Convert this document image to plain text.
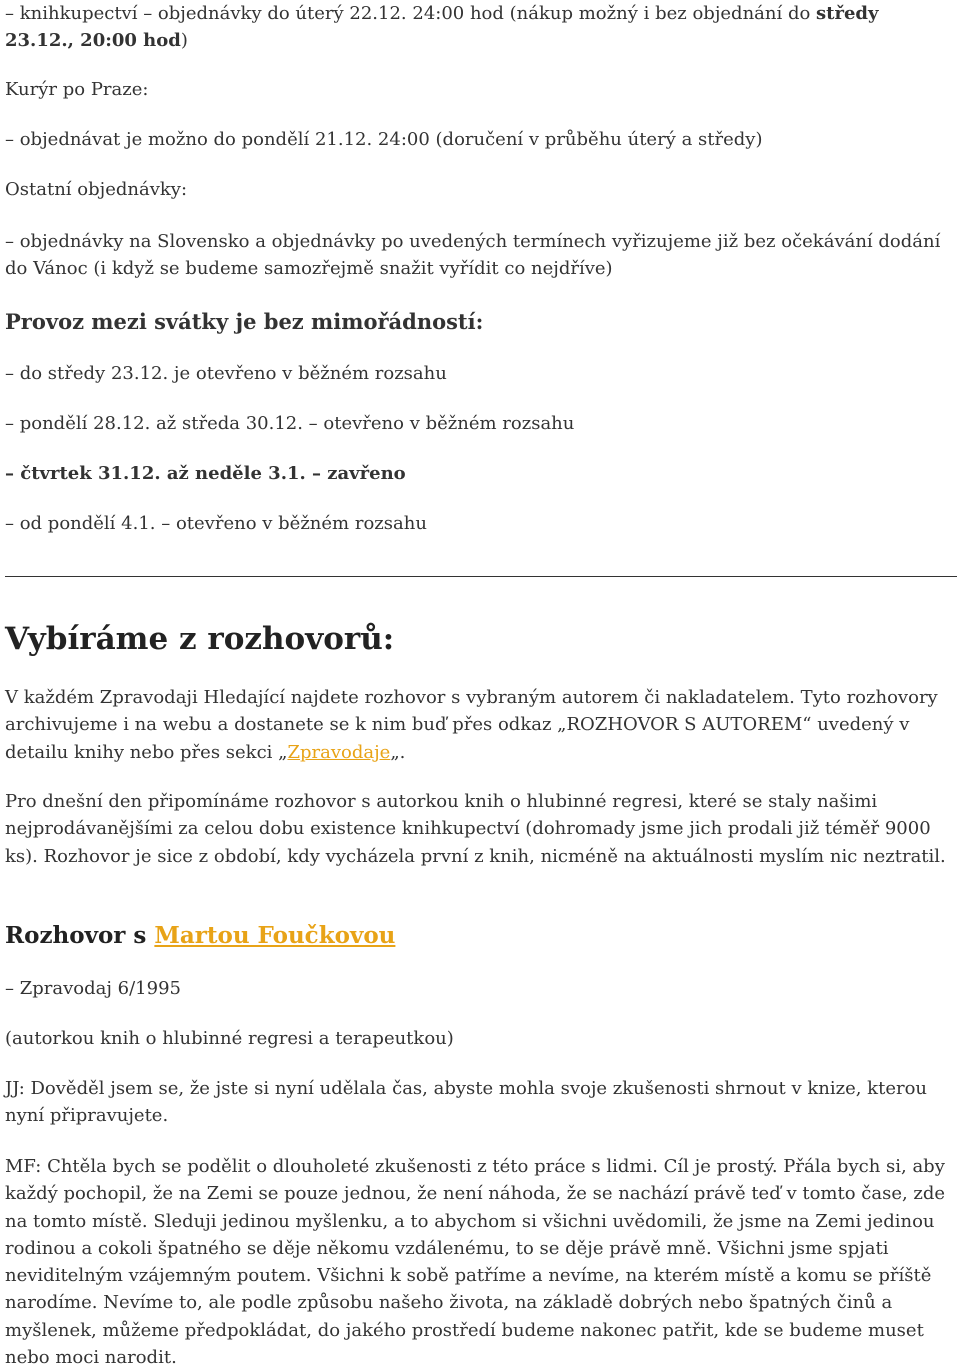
– knihkupectví – objednávky do úterý 22.12. 24:00 hod (nákup možný i bez objednání do středy

23.12., 20:00 hod)

Kurýr po Praze:

– objednávat je možno do pondělí 21.12. 24:00 (doručení v průběhu úterý a středy)

Ostatní objednávky:

– objednávky na Slovensko a objednávky po uvedených termínech vyřizujeme již bez očekávání dodání do Vánoc (i když se budeme samozřejmě snažit vyřídit co nejdříve)

Provoz mezi svátky je bez mimořádností:

– do středy 23.12. je otevřeno v běžném rozsahu

– pondělí 28.12. až středa 30.12. – otevřeno v běžném rozsahu

– čtvrtek 31.12. až neděle 3.1. – zavřeno

– od pondělí 4.1. – otevřeno v běžném rozsahu

Vybíráme z rozhovorů:

V každém Zpravodaji Hledající najdete rozhovor s vybraným autorem či nakladatelem. Tyto rozhovory archivujeme i na webu a dostanete se k nim buď přes odkaz „ROZHOVOR S AUTOREM“ uvedený v detailu knihy nebo přes sekci „Zpravodaje„.

Pro dnešní den připomínáme rozhovor s autorkou knih o hlubinné regresi, které se staly našimi nejprodávanějšími za celou dobu existence knihkupectví (dohromady jsme jich prodali již téměř 9000 ks). Rozhovor je sice z období, kdy vycházela první z knih, nicméně na aktuálnosti myslím nic neztratil.

Rozhovor s Martou Foučkovou

– Zpravodaj 6/1995

(autorkou knih o hlubinné regresi a terapeutkou)

JJ: Dověděl jsem se, že jste si nyní udělala čas, abyste mohla svoje zkušenosti shrnout v knize, kterou nyní připravujete.

MF: Chtěla bych se podělit o dlouholeté zkušenosti z této práce s lidmi. Cíl je prostý. Přála bych si, aby každý pochopil, že na Zemi se pouze jednou, že není náhoda, že se nachází právě teď v tomto čase, zde na tomto místě. Sleduji jedinou myšlenku, a to abychom si všichni uvědomili, že jsme na Zemi jedinou rodinou a cokoli špatného se děje někomu vzdálenému, to se děje právě mně. Všichni jsme spjati neviditelným vzájemným poutem. Všichni k sobě patříme a nevíme, na kterém místě a komu se příště narodíme. Nevíme to, ale podle způsobu našeho života, na základě dobrých nebo špatných činů a myšlenek, můžeme předpokládat, do jakého prostředí budeme nakonec patřit, kde se budeme muset nebo moci narodit.
